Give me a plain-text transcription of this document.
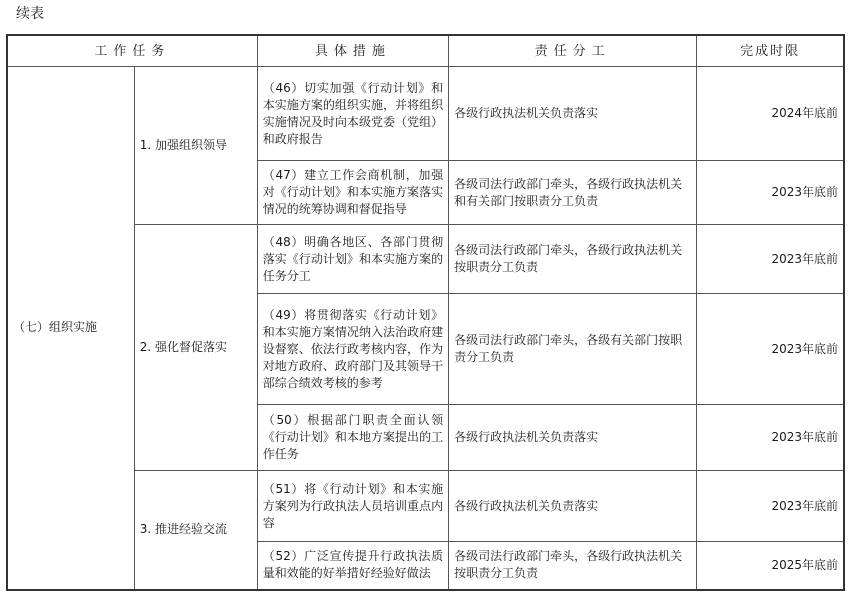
续表
工作任务		具体措施	责任分工	完成时限
（七）组织实施	1. 加强组织领导	（46）切实加强《行动计划》和本实施方案的组织实施，并将组织实施情况及时向本级党委（党组）和政府报告	各级行政执法机关负责落实	2024年底前
		（47）建立工作会商机制，加强对《行动计划》和本实施方案落实情况的统筹协调和督促指导	各级司法行政部门牵头，各级行政执法机关和有关部门按职责分工负责	2023年底前
	2. 强化督促落实	（48）明确各地区、各部门贯彻落实《行动计划》和本实施方案的任务分工	各级司法行政部门牵头，各级行政执法机关按职责分工负责	2023年底前
		（49）将贯彻落实《行动计划》和本实施方案情况纳入法治政府建设督察、依法行政考核内容，作为对地方政府、政府部门及其领导干部综合绩效考核的参考	各级司法行政部门牵头，各级有关部门按职责分工负责	2023年底前
		（50）根据部门职责全面认领《行动计划》和本地方案提出的工作任务	各级行政执法机关负责落实	2023年底前
	3. 推进经验交流	（51）将《行动计划》和本实施方案列为行政执法人员培训重点内容	各级行政执法机关负责落实	2023年底前
		（52）广泛宣传提升行政执法质量和效能的好举措好经验好做法	各级司法行政部门牵头，各级行政执法机关按职责分工负责	2025年底前
